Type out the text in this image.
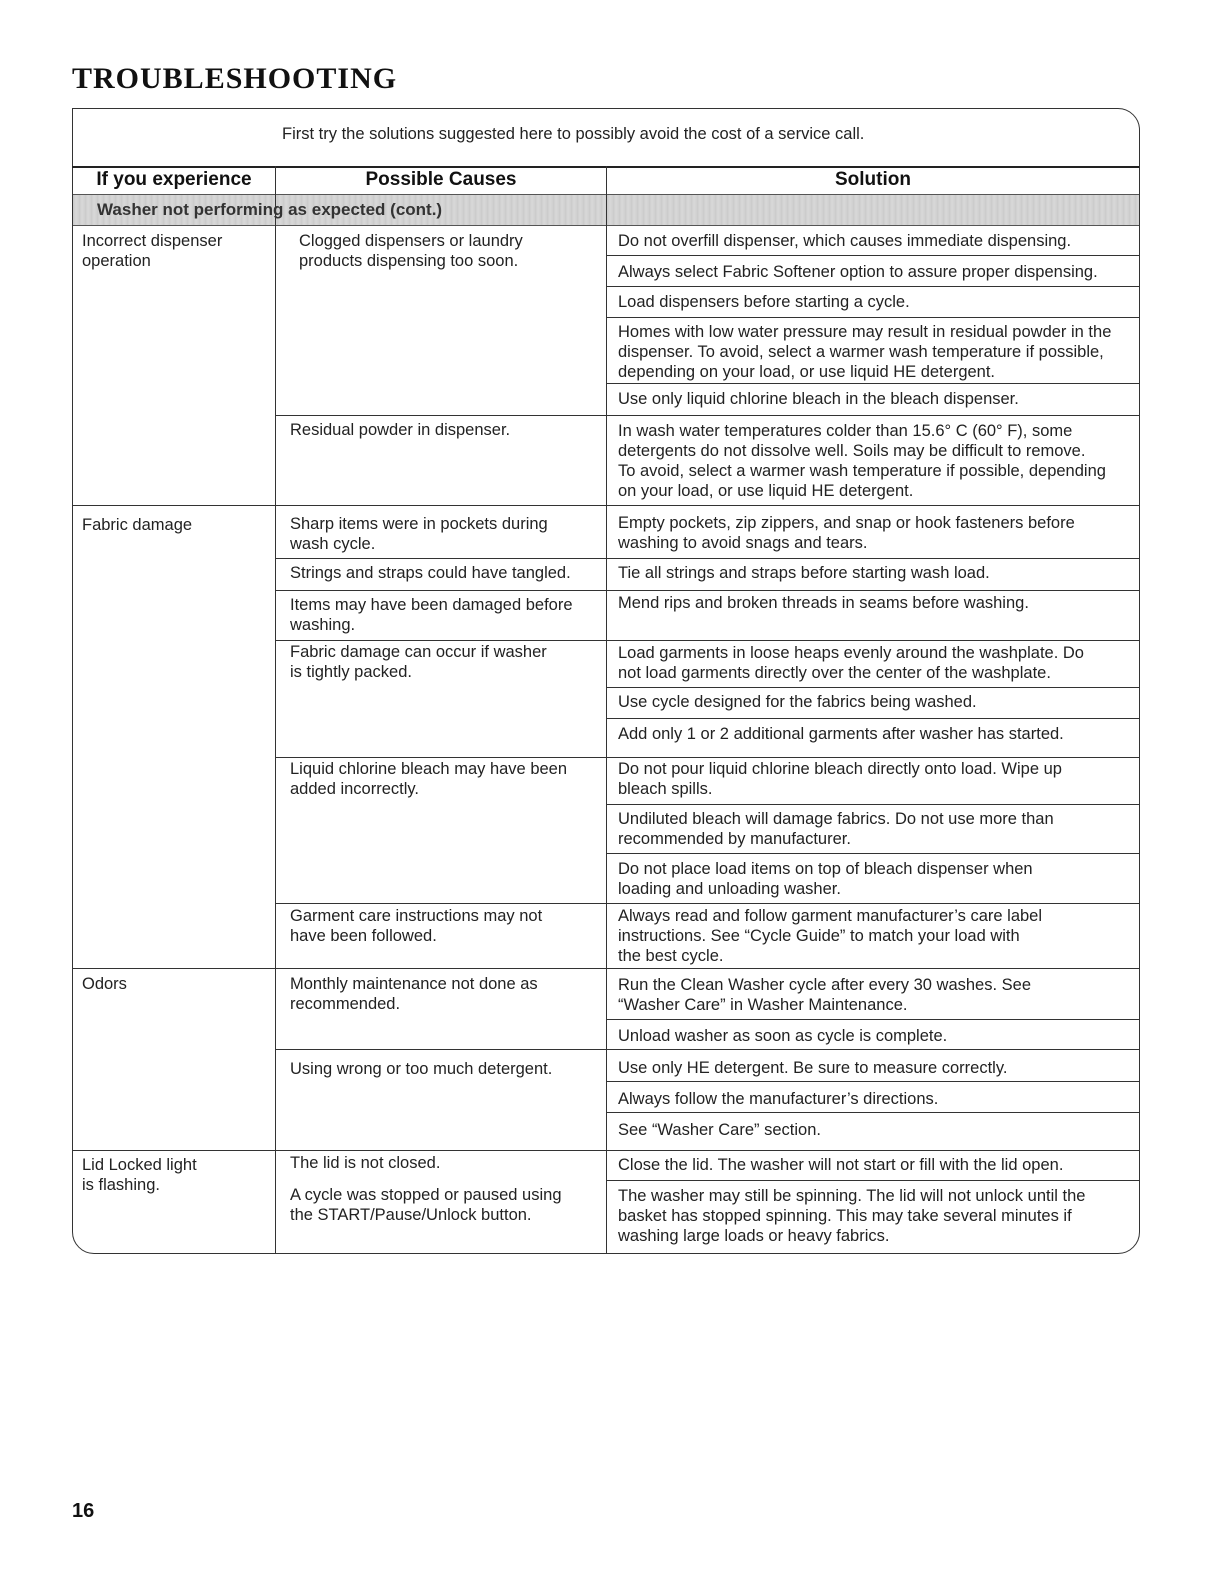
TROUBLESHOOTING
First try the solutions suggested here to possibly avoid the cost of a service call.
If you experience	Possible Causes	Solution
Washer not performing as expected (cont.)
Incorrect dispenser
operation
Fabric damage
Odors
Lid Locked light
is flashing.
Clogged dispensers or laundry
products dispensing too soon.
Residual powder in dispenser.
Sharp items were in pockets during
wash cycle.
Strings and straps could have tangled.
Items may have been damaged before
washing.
Fabric damage can occur if washer
is tightly packed.
Liquid chlorine bleach may have been
added incorrectly.
Garment care instructions may not
have been followed.
Monthly maintenance not done as
recommended.
Using wrong or too much detergent.
The lid is not closed.
A cycle was stopped or paused using
the START/Pause/Unlock button.
Do not overfill dispenser, which causes immediate dispensing.
Always select Fabric Softener option to assure proper dispensing.
Load dispensers before starting a cycle.
Homes with low water pressure may result in residual powder in the
dispenser. To avoid, select a warmer wash temperature if possible,
depending on your load, or use liquid HE detergent.
Use only liquid chlorine bleach in the bleach dispenser.
In wash water temperatures colder than 15.6° C (60° F), some
detergents do not dissolve well. Soils may be difficult to remove.
To avoid, select a warmer wash temperature if possible, depending
on your load, or use liquid HE detergent.
Empty pockets, zip zippers, and snap or hook fasteners before
washing to avoid snags and tears.
Tie all strings and straps before starting wash load.
Mend rips and broken threads in seams before washing.
Load garments in loose heaps evenly around the washplate. Do
not load garments directly over the center of the washplate.
Use cycle designed for the fabrics being washed.
Add only 1 or 2 additional garments after washer has started.
Do not pour liquid chlorine bleach directly onto load. Wipe up
bleach spills.
Undiluted bleach will damage fabrics. Do not use more than
recommended by manufacturer.
Do not place load items on top of bleach dispenser when
loading and unloading washer.
Always read and follow garment manufacturer’s care label
instructions. See “Cycle Guide” to match your load with
the best cycle.
Run the Clean Washer cycle after every 30 washes. See
“Washer Care” in Washer Maintenance.
Unload washer as soon as cycle is complete.
Use only HE detergent. Be sure to measure correctly.
Always follow the manufacturer’s directions.
See “Washer Care” section.
Close the lid. The washer will not start or fill with the lid open.
The washer may still be spinning. The lid will not unlock until the
basket has stopped spinning. This may take several minutes if
washing large loads or heavy fabrics.
16
